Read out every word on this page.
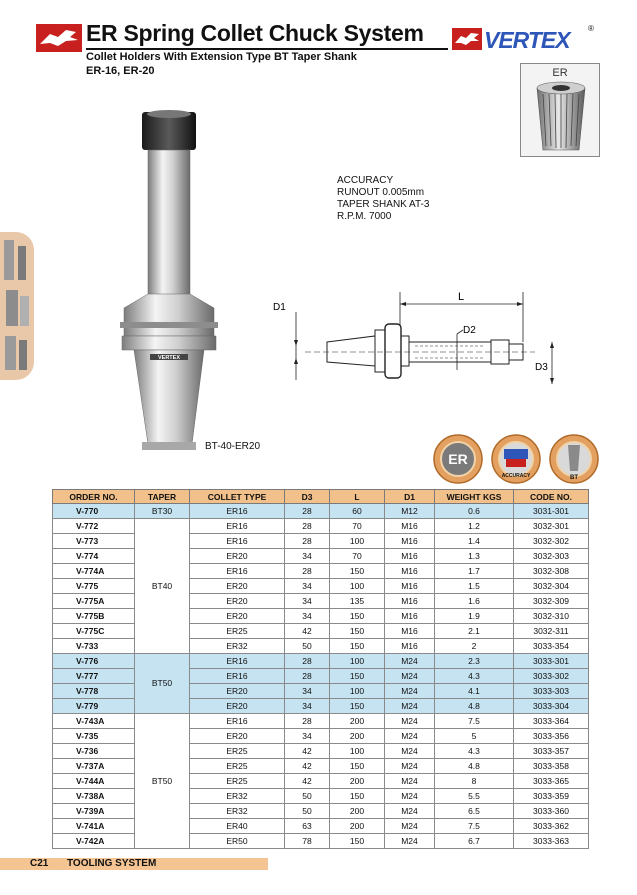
ER Spring Collet Chuck System	VERTEX ®
Collet Holders With Extension Type BT Taper Shank
ER-16, ER-20	ER
VERTEX
BT-40-ER20
ACCURACY
RUNOUT 0.005mm
TAPER SHANK AT-3
R.P.M. 7000
L
D1
D2
D3
ER
ACCURACY	BT
ORDER NO.	TAPER	COLLET TYPE	D3	L	D1	WEIGHT KGS	CODE NO.
V-770	BT30	ER16	28	60	M12	0.6	3031-301
V-772	BT40	ER16	28	70	M16	1.2	3032-301
V-773		ER16	28	100	M16	1.4	3032-302
V-774		ER20	34	70	M16	1.3	3032-303
V-774A		ER16	28	150	M16	1.7	3032-308
V-775		ER20	34	100	M16	1.5	3032-304
V-775A		ER20	34	135	M16	1.6	3032-309
V-775B		ER20	34	150	M16	1.9	3032-310
V-775C		ER25	42	150	M16	2.1	3032-311
V-733		ER32	50	150	M16	2	3033-354
V-776	BT50	ER16	28	100	M24	2.3	3033-301
V-777		ER16	28	150	M24	4.3	3033-302
V-778		ER20	34	100	M24	4.1	3033-303
V-779		ER20	34	150	M24	4.8	3033-304
V-743A	BT50	ER16	28	200	M24	7.5	3033-364
V-735		ER20	34	200	M24	5	3033-356
V-736		ER25	42	100	M24	4.3	3033-357
V-737A		ER25	42	150	M24	4.8	3033-358
V-744A		ER25	42	200	M24	8	3033-365
V-738A		ER32	50	150	M24	5.5	3033-359
V-739A		ER32	50	200	M24	6.5	3033-360
V-741A		ER40	63	200	M24	7.5	3033-362
V-742A		ER50	78	150	M24	6.7	3033-363
C21 TOOLING SYSTEM
